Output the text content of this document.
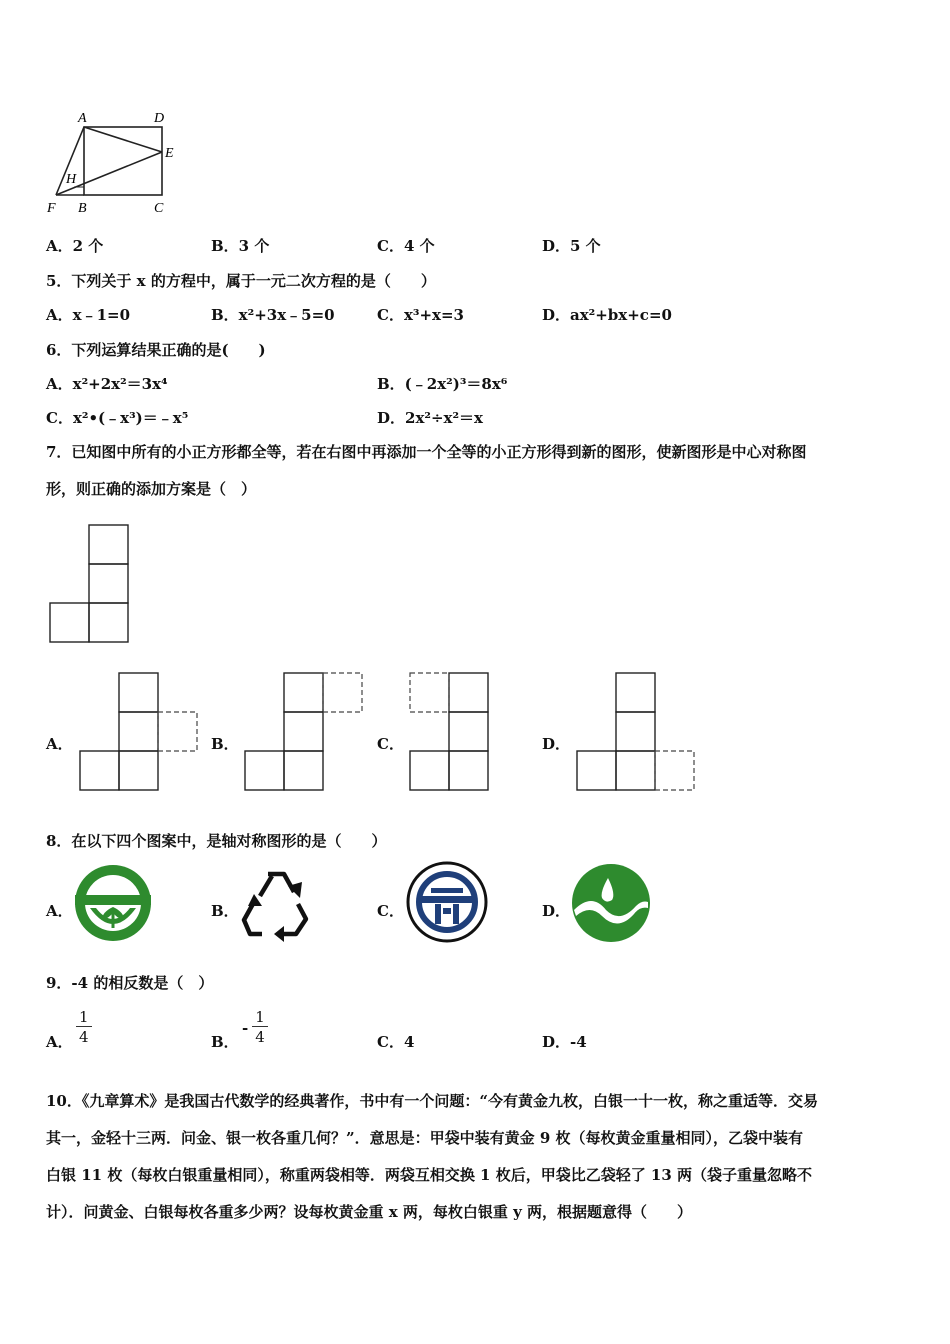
A	D
E
H
F B	C
A．2 个	B．3 个	C．4 个	D．5 个
5．下列关于 x 的方程中，属于一元二次方程的是（　　）
A．x﹣1=0	B．x²+3x﹣5=0	C．x³+x=3	D．ax²+bx+c=0
6．下列运算结果正确的是(　　)
A．x²+2x²＝3x⁴	B．(﹣2x²)³＝8x⁶
C．x²•(﹣x³)＝﹣x⁵	D．2x²÷x²＝x
7．已知图中所有的小正方形都全等，若在右图中再添加一个全等的小正方形得到新的图形，使新图形是中心对称图
形，则正确的添加方案是（　）
A．	B．	C．	D．
8．在以下四个图案中，是轴对称图形的是（　　）
A．	B．	C．	D．
9．-4 的相反数是（　）
A． $\frac{1}{4}$	B．
- $\frac{1}{4}$	C．4	D．-4
10．《九章算术》是我国古代数学的经典著作，书中有一个问题：“今有黄金九枚，白银一十一枚，称之重适等．交易
其一，金轻十三两．问金、银一枚各重几何？”．意思是：甲袋中装有黄金 9 枚（每枚黄金重量相同），乙袋中装有
白银 11 枚（每枚白银重量相同），称重两袋相等．两袋互相交换 1 枚后，甲袋比乙袋轻了 13 两（袋子重量忽略不
计）．问黄金、白银每枚各重多少两？设每枚黄金重 x 两，每枚白银重 y 两，根据题意得（　　）
